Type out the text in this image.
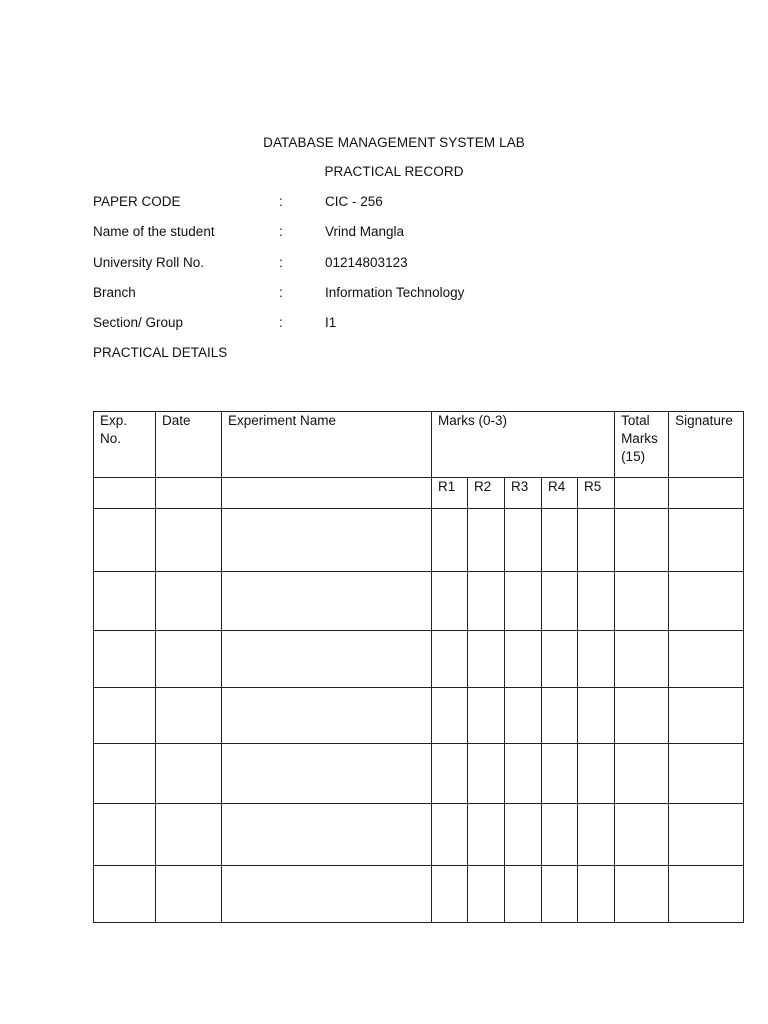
DATABASE MANAGEMENT SYSTEM LAB
PRACTICAL RECORD
PAPER CODE	:	CIC - 256
Name of the student	:	Vrind Mangla
University Roll No.	:	01214803123
Branch	:	Information Technology
Section/ Group	:	I1
PRACTICAL DETAILS
Exp. No.	Date	Experiment Name	Marks (0-3)					Total Marks (15)	Signature
			R1	R2	R3	R4	R5		
